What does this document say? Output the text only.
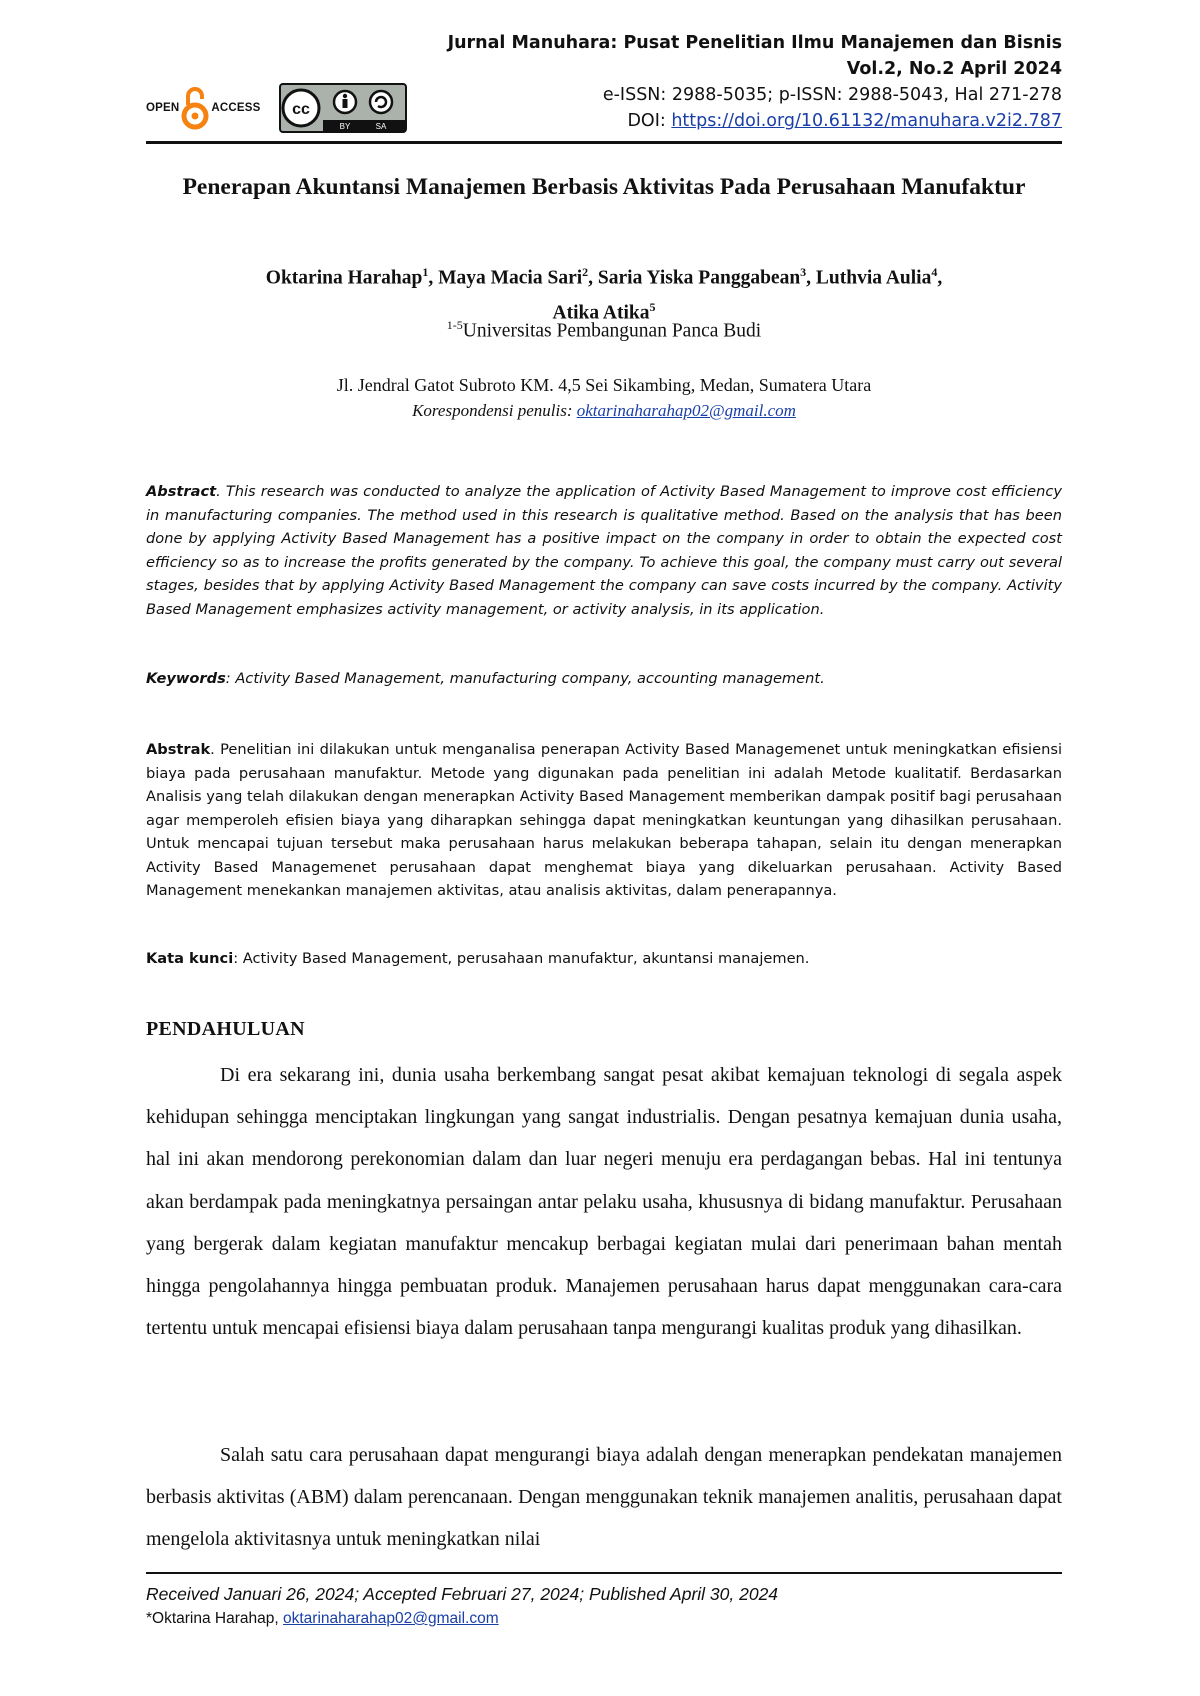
Jurnal Manuhara: Pusat Penelitian Ilmu Manajemen dan Bisnis
Vol.2, No.2 April 2024
e-ISSN: 2988-5035; p-ISSN: 2988-5043, Hal 271-278
DOI: https://doi.org/10.61132/manuhara.v2i2.787
OPEN	ACCESS cc
BY	SA
Penerapan Akuntansi Manajemen Berbasis Aktivitas Pada Perusahaan Manufaktur
Oktarina Harahap$^1$, Maya Macia Sari$^2$, Saria Yiska Panggabean$^3$, Luthvia Aulia$^4$,
Atika Atika$^5$
$^{1-5}$Universitas Pembangunan Panca Budi
Jl. Jendral Gatot Subroto KM. 4,5 Sei Sikambing, Medan, Sumatera Utara
Korespondensi penulis: oktarinaharahap02@gmail.com
Abstract. This research was conducted to analyze the application of Activity Based Management to improve cost efficiency in manufacturing companies. The method used in this research is qualitative method. Based on the analysis that has been done by applying Activity Based Management has a positive impact on the company in order to obtain the expected cost efficiency so as to increase the profits generated by the company. To achieve this goal, the company must carry out several stages, besides that by applying Activity Based Management the company can save costs incurred by the company. Activity Based Management emphasizes activity management, or activity analysis, in its application.
Keywords: Activity Based Management, manufacturing company, accounting management.
Abstrak. Penelitian ini dilakukan untuk menganalisa penerapan Activity Based Managemenet untuk meningkatkan efisiensi biaya pada perusahaan manufaktur. Metode yang digunakan pada penelitian ini adalah Metode kualitatif. Berdasarkan Analisis yang telah dilakukan dengan menerapkan Activity Based Management memberikan dampak positif bagi perusahaan agar memperoleh efisien biaya yang diharapkan sehingga dapat meningkatkan keuntungan yang dihasilkan perusahaan. Untuk mencapai tujuan tersebut maka perusahaan harus melakukan beberapa tahapan, selain itu dengan menerapkan Activity Based Managemenet perusahaan dapat menghemat biaya yang dikeluarkan perusahaan. Activity Based Management menekankan manajemen aktivitas, atau analisis aktivitas, dalam penerapannya.
Kata kunci: Activity Based Management, perusahaan manufaktur, akuntansi manajemen.
PENDAHULUAN
Di era sekarang ini, dunia usaha berkembang sangat pesat akibat kemajuan teknologi di segala aspek kehidupan sehingga menciptakan lingkungan yang sangat industrialis. Dengan pesatnya kemajuan dunia usaha, hal ini akan mendorong perekonomian dalam dan luar negeri menuju era perdagangan bebas. Hal ini tentunya akan berdampak pada meningkatnya persaingan antar pelaku usaha, khususnya di bidang manufaktur. Perusahaan yang bergerak dalam kegiatan manufaktur mencakup berbagai kegiatan mulai dari penerimaan bahan mentah hingga pengolahannya hingga pembuatan produk. Manajemen perusahaan harus dapat menggunakan cara-cara tertentu untuk mencapai efisiensi biaya dalam perusahaan tanpa mengurangi kualitas produk yang dihasilkan.
Salah satu cara perusahaan dapat mengurangi biaya adalah dengan menerapkan pendekatan manajemen berbasis aktivitas (ABM) dalam perencanaan. Dengan menggunakan teknik manajemen analitis, perusahaan dapat mengelola aktivitasnya untuk meningkatkan nilai
Received Januari 26, 2024; Accepted Februari 27, 2024; Published April 30, 2024
*Oktarina Harahap, oktarinaharahap02@gmail.com
